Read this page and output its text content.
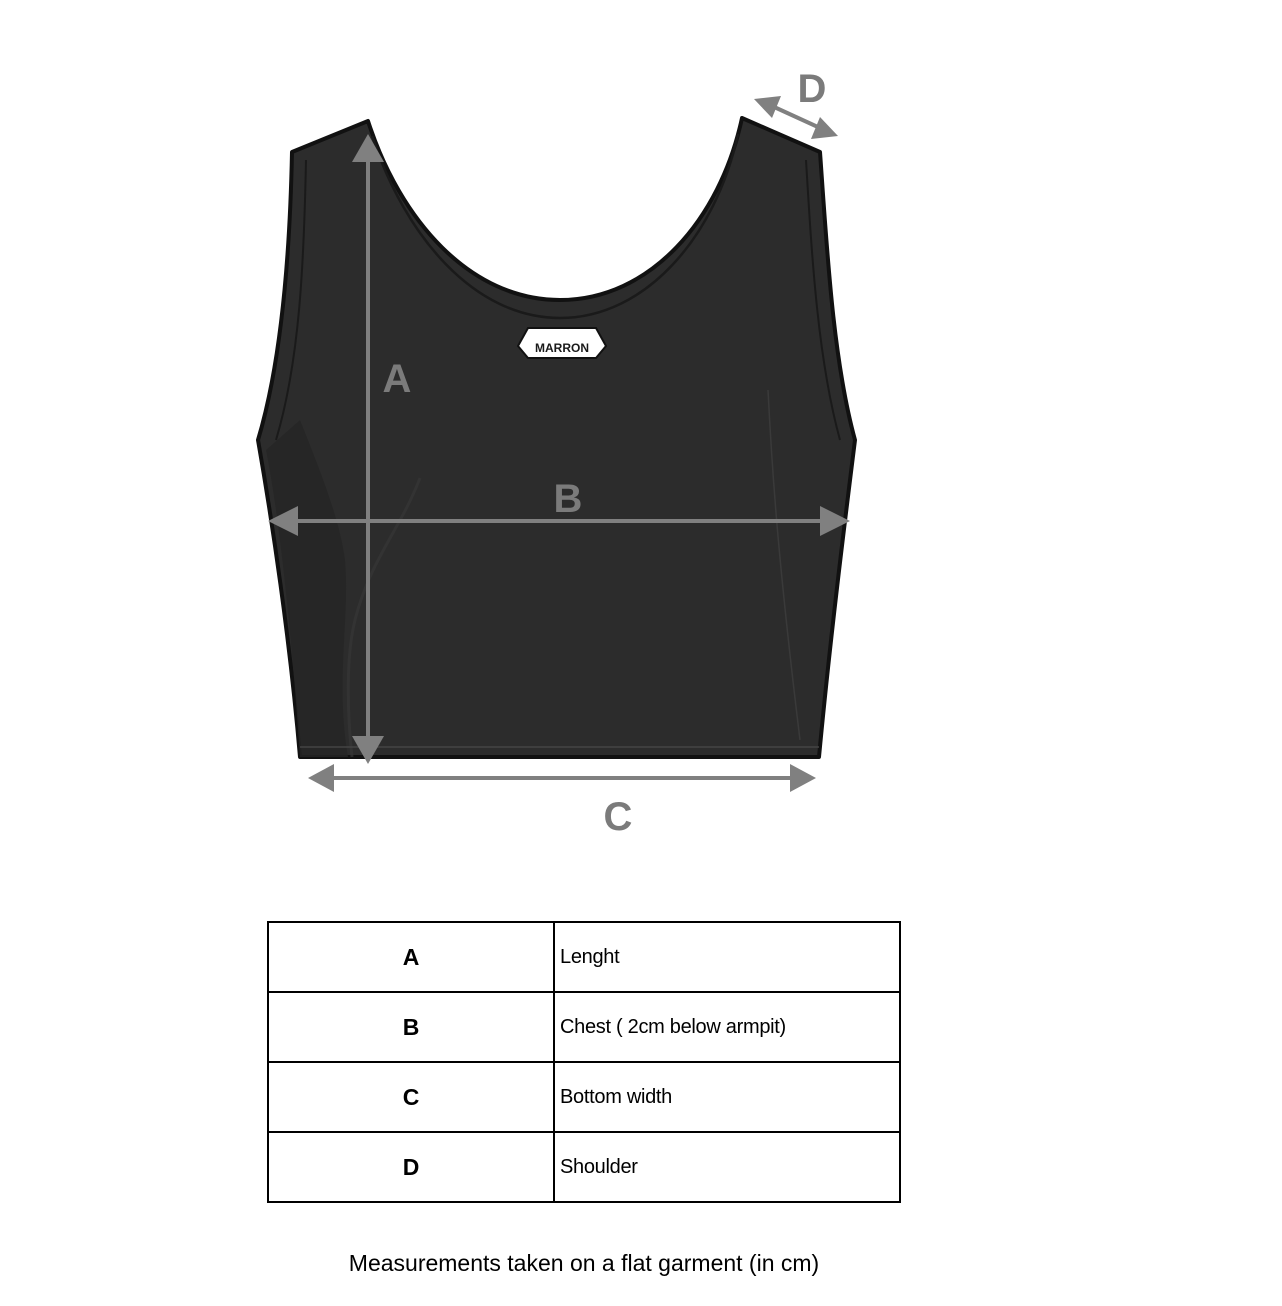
MARRON
A
B
C
D
A	Lenght
B	Chest ( 2cm below armpit)
C	Bottom width
D	Shoulder
Measurements taken on a flat garment (in cm)
